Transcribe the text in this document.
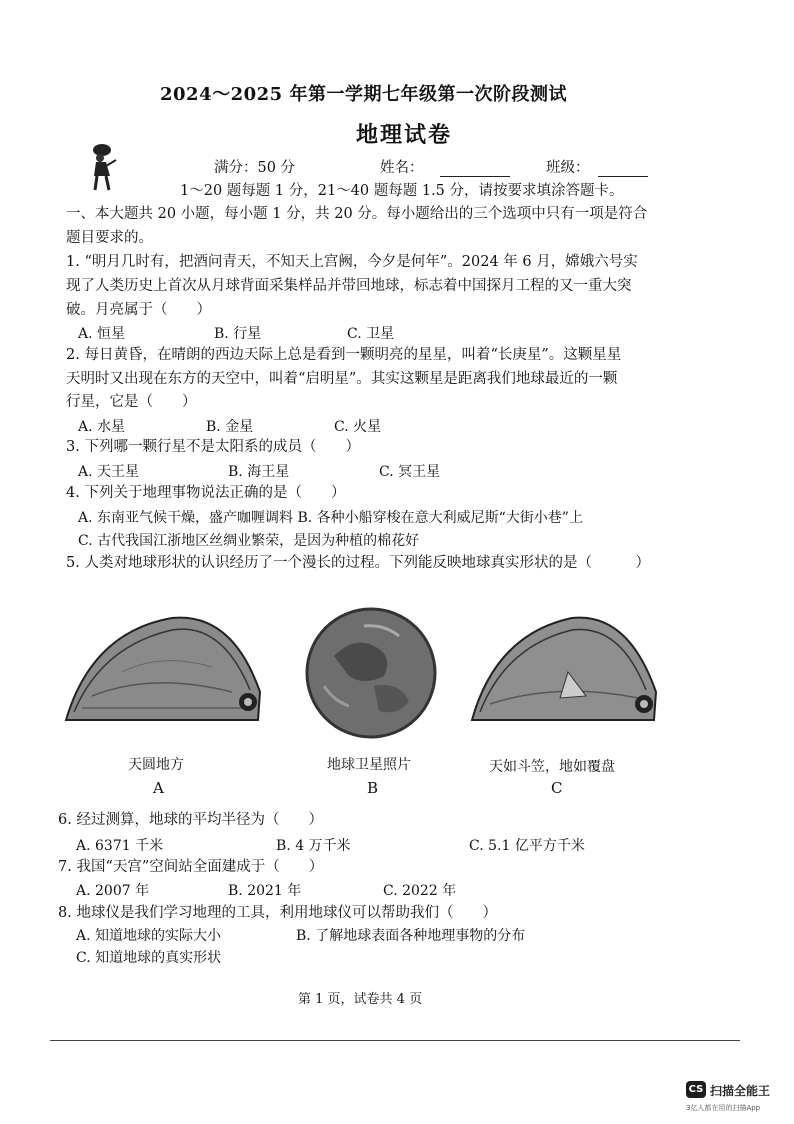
2024～2025 年第一学期七年级第一次阶段测试
地理试卷
满分：50 分	姓名：	班级：
1～20 题每题 1 分，21～40 题每题 1.5 分，请按要求填涂答题卡。
一、本大题共 20 小题，每小题 1 分，共 20 分。每小题给出的三个选项中只有一项是符合
题目要求的。
1. “明月几时有，把酒问青天，不知天上宫阙，今夕是何年”。2024 年 6 月，嫦娥六号实
现了人类历史上首次从月球背面采集样品并带回地球，标志着中国探月工程的又一重大突
破。月亮属于（　　）
A. 恒星	B. 行星	C. 卫星
2. 每日黄昏，在晴朗的西边天际上总是看到一颗明亮的星星，叫着“长庚星”。这颗星星
天明时又出现在东方的天空中，叫着“启明星”。其实这颗星是距离我们地球最近的一颗
行星，它是（　　）
A. 水星	B. 金星	C. 火星
3. 下列哪一颗行星不是太阳系的成员（　　）
A. 天王星	B. 海王星	C. 冥王星
4. 下列关于地理事物说法正确的是（　　）
A. 东南亚气候干燥，盛产咖喱调料 B. 各种小船穿梭在意大利威尼斯“大街小巷”上
C. 古代我国江浙地区丝绸业繁荣，是因为种植的棉花好
5. 人类对地球形状的认识经历了一个漫长的过程。下列能反映地球真实形状的是（　　　）
天圆地方	地球卫星照片	天如斗笠，地如覆盘
A	B	C
6. 经过测算，地球的平均半径为（　　）
A. 6371 千米	B. 4 万千米	C. 5.1 亿平方千米
7. 我国“天宫”空间站全面建成于（　　）
A. 2007 年	B. 2021 年	C. 2022 年
8. 地球仪是我们学习地理的工具，利用地球仪可以帮助我们（　　）
A. 知道地球的实际大小	B. 了解地球表面各种地理事物的分布
C. 知道地球的真实形状
第 1 页，试卷共 4 页
CS 扫描全能王
3亿人都在用的扫描App
